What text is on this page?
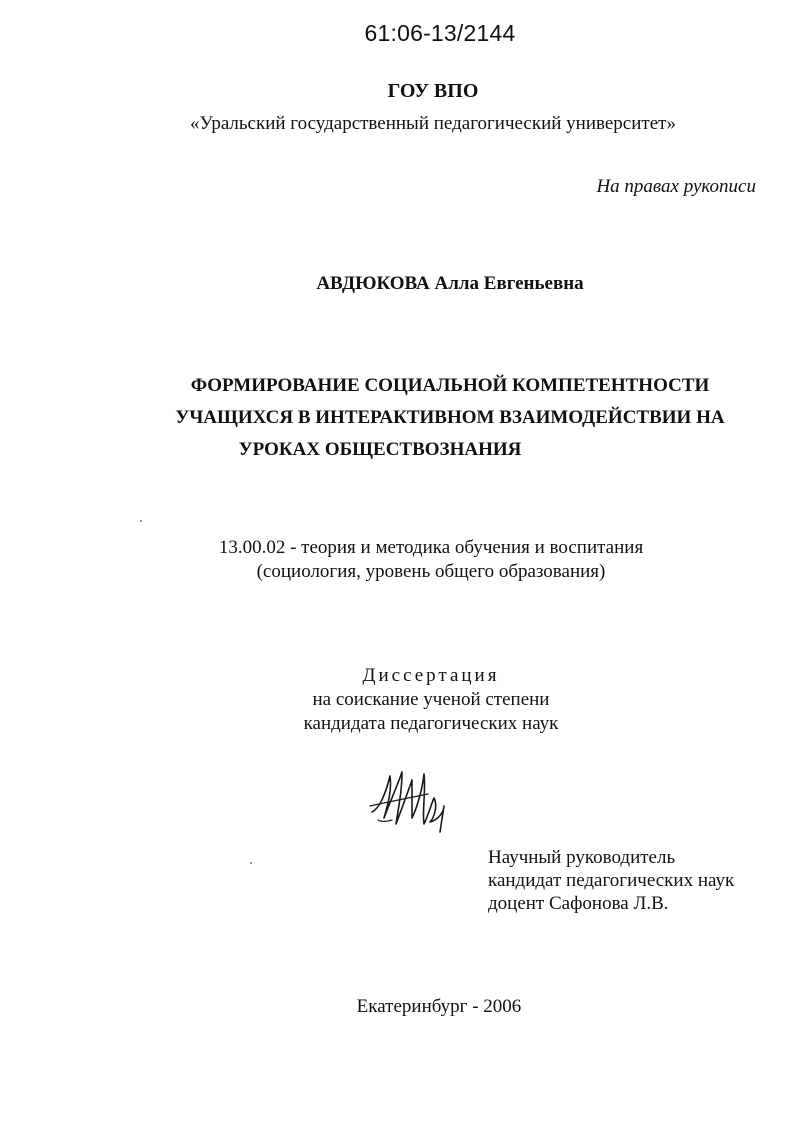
61:06-13/2144
ГОУ ВПО
«Уральский государственный педагогический университет»
На правах рукописи
АВДЮКОВА Алла Евгеньевна
ФОРМИРОВАНИЕ СОЦИАЛЬНОЙ КОМПЕТЕНТНОСТИ
УЧАЩИХСЯ В ИНТЕРАКТИВНОМ ВЗАИМОДЕЙСТВИИ НА
УРОКАХ ОБЩЕСТВОЗНАНИЯ
13.00.02 - теория и методика обучения и воспитания
(социология, уровень общего образования)
Диссертация
на соискание ученой степени
кандидата педагогических наук
Научный руководитель
кандидат педагогических наук
доцент Сафонова Л.В.
Екатеринбург - 2006
